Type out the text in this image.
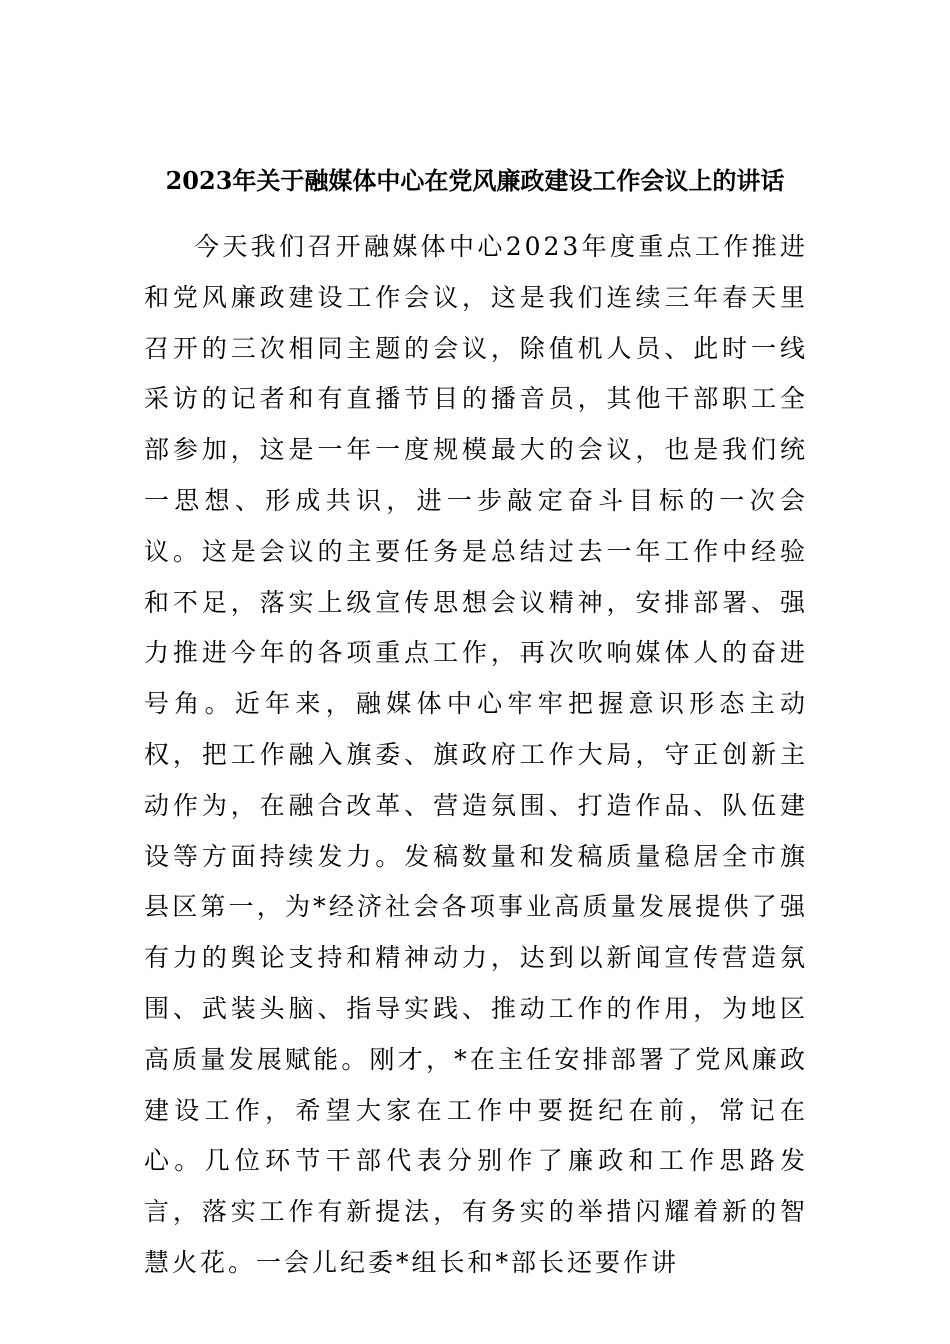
2023年关于融媒体中心在党风廉政建设工作会议上的讲话

今天我们召开融媒体中心2023年度重点工作推进和党风廉政建设工作会议，这是我们连续三年春天里召开的三次相同主题的会议，除值机人员、此时一线采访的记者和有直播节目的播音员，其他干部职工全部参加，这是一年一度规模最大的会议，也是我们统一思想、形成共识，进一步敲定奋斗目标的一次会议。这是会议的主要任务是总结过去一年工作中经验和不足，落实上级宣传思想会议精神，安排部署、强力推进今年的各项重点工作，再次吹响媒体人的奋进号角。近年来，融媒体中心牢牢把握意识形态主动权，把工作融入旗委、旗政府工作大局，守正创新主动作为，在融合改革、营造氛围、打造作品、队伍建设等方面持续发力。发稿数量和发稿质量稳居全市旗县区第一，为*经济社会各项事业高质量发展提供了强有力的舆论支持和精神动力，达到以新闻宣传营造氛围、武装头脑、指导实践、推动工作的作用，为地区高质量发展赋能。刚才，*在主任安排部署了党风廉政建设工作，希望大家在工作中要挺纪在前，常记在心。几位环节干部代表分别作了廉政和工作思路发言，落实工作有新提法，有务实的举措闪耀着新的智慧火花。一会儿纪委*组长和*部长还要作讲
